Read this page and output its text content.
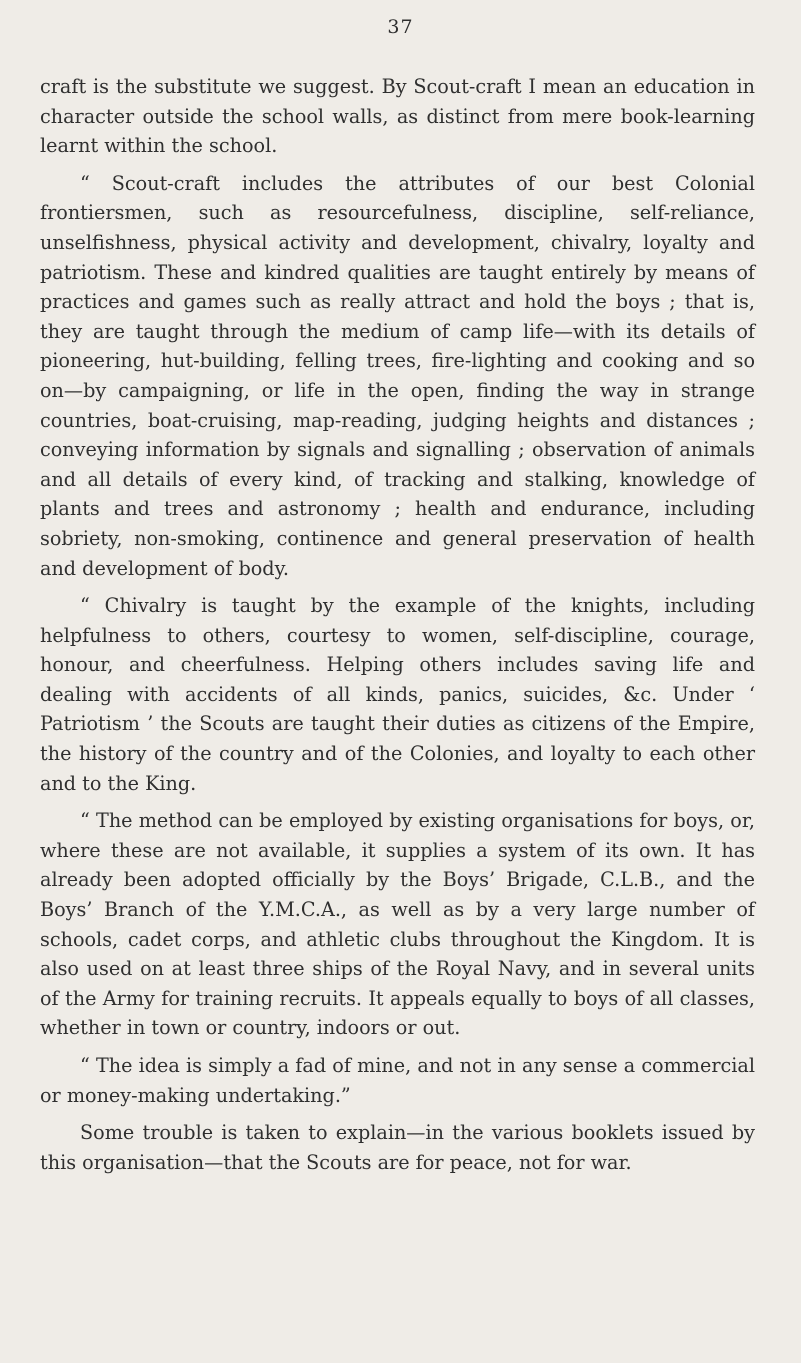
37

craft is the substitute we suggest. By Scout-craft I mean an education in character outside the school walls, as distinct from mere book-learning learnt within the school.

“ Scout-craft includes the attributes of our best Colonial frontiersmen, such as resourcefulness, discipline, self-reliance, unselfishness, physical activity and development, chivalry, loyalty and patriotism. These and kindred qualities are taught entirely by means of practices and games such as really attract and hold the boys ; that is, they are taught through the medium of camp life—with its details of pioneering, hut-building, felling trees, fire-lighting and cooking and so on—by campaigning, or life in the open, finding the way in strange countries, boat-cruising, map-reading, judging heights and distances ; conveying information by signals and signalling ; observation of animals and all details of every kind, of tracking and stalking, knowledge of plants and trees and astronomy ; health and endurance, including sobriety, non-smoking, continence and general preservation of health and development of body.

“ Chivalry is taught by the example of the knights, including helpfulness to others, courtesy to women, self-discipline, courage, honour, and cheerfulness. Helping others includes saving life and dealing with accidents of all kinds, panics, suicides, &c. Under ‘ Patriotism ’ the Scouts are taught their duties as citizens of the Empire, the history of the country and of the Colonies, and loyalty to each other and to the King.

“ The method can be employed by existing organisations for boys, or, where these are not available, it supplies a system of its own. It has already been adopted officially by the Boys’ Brigade, C.L.B., and the Boys’ Branch of the Y.M.C.A., as well as by a very large number of schools, cadet corps, and athletic clubs throughout the Kingdom. It is also used on at least three ships of the Royal Navy, and in several units of the Army for training recruits. It appeals equally to boys of all classes, whether in town or country, indoors or out.

“ The idea is simply a fad of mine, and not in any sense a commercial or money-making undertaking.”

Some trouble is taken to explain—in the various booklets issued by this organisation—that the Scouts are for peace, not for war.
